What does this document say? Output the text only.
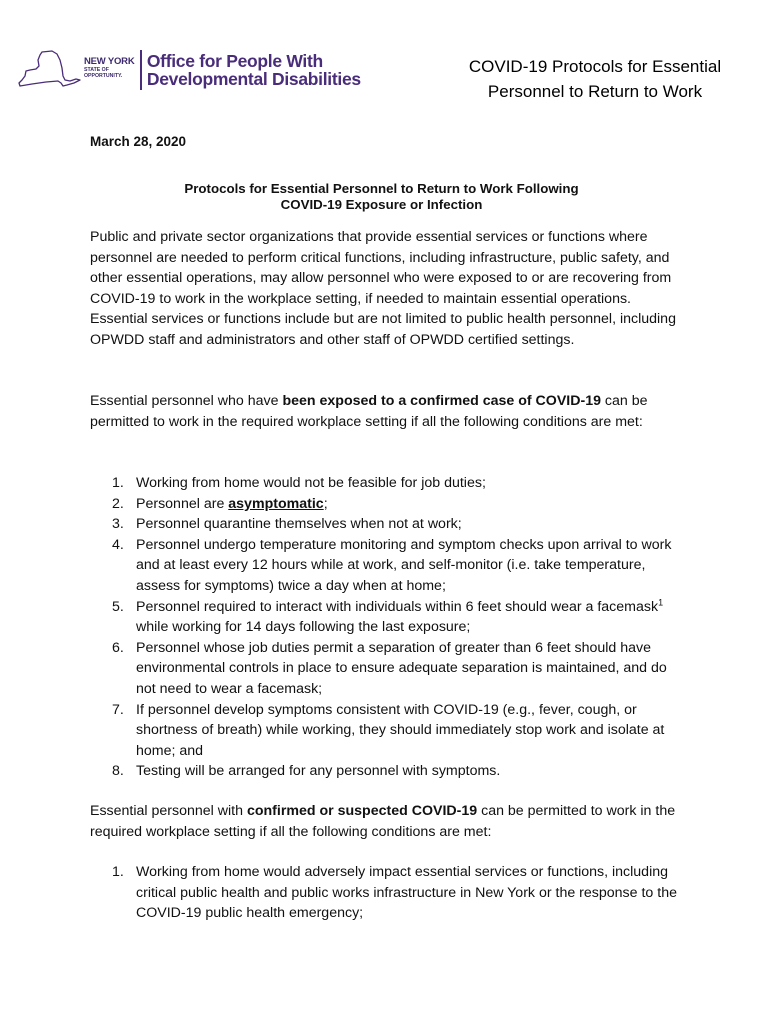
NEW YORK
STATE OF
OPPORTUNITY.
Office for People With
Developmental Disabilities
COVID-19 Protocols for Essential
Personnel to Return to Work
March 28, 2020
Protocols for Essential Personnel to Return to Work Following
COVID-19 Exposure or Infection

Public and private sector organizations that provide essential services or functions where personnel are needed to perform critical functions, including infrastructure, public safety, and other essential operations, may allow personnel who were exposed to or are recovering from COVID-19 to work in the workplace setting, if needed to maintain essential operations. Essential services or functions include but are not limited to public health personnel, including OPWDD staff and administrators and other staff of OPWDD certified settings.

Essential personnel who have been exposed to a confirmed case of COVID-19 can be permitted to work in the required workplace setting if all the following conditions are met:

1. Working from home would not be feasible for job duties;
2. Personnel are asymptomatic;
3. Personnel quarantine themselves when not at work;
4. Personnel undergo temperature monitoring and symptom checks upon arrival to work and at least every 12 hours while at work, and self-monitor (i.e. take temperature, assess for symptoms) twice a day when at home;
5. Personnel required to interact with individuals within 6 feet should wear a facemask$^1$ while working for 14 days following the last exposure;
6. Personnel whose job duties permit a separation of greater than 6 feet should have environmental controls in place to ensure adequate separation is maintained, and do not need to wear a facemask;
7. If personnel develop symptoms consistent with COVID-19 (e.g., fever, cough, or shortness of breath) while working, they should immediately stop work and isolate at home; and
8. Testing will be arranged for any personnel with symptoms.

Essential personnel with confirmed or suspected COVID-19 can be permitted to work in the required workplace setting if all the following conditions are met:

1. Working from home would adversely impact essential services or functions, including critical public health and public works infrastructure in New York or the response to the COVID-19 public health emergency;
